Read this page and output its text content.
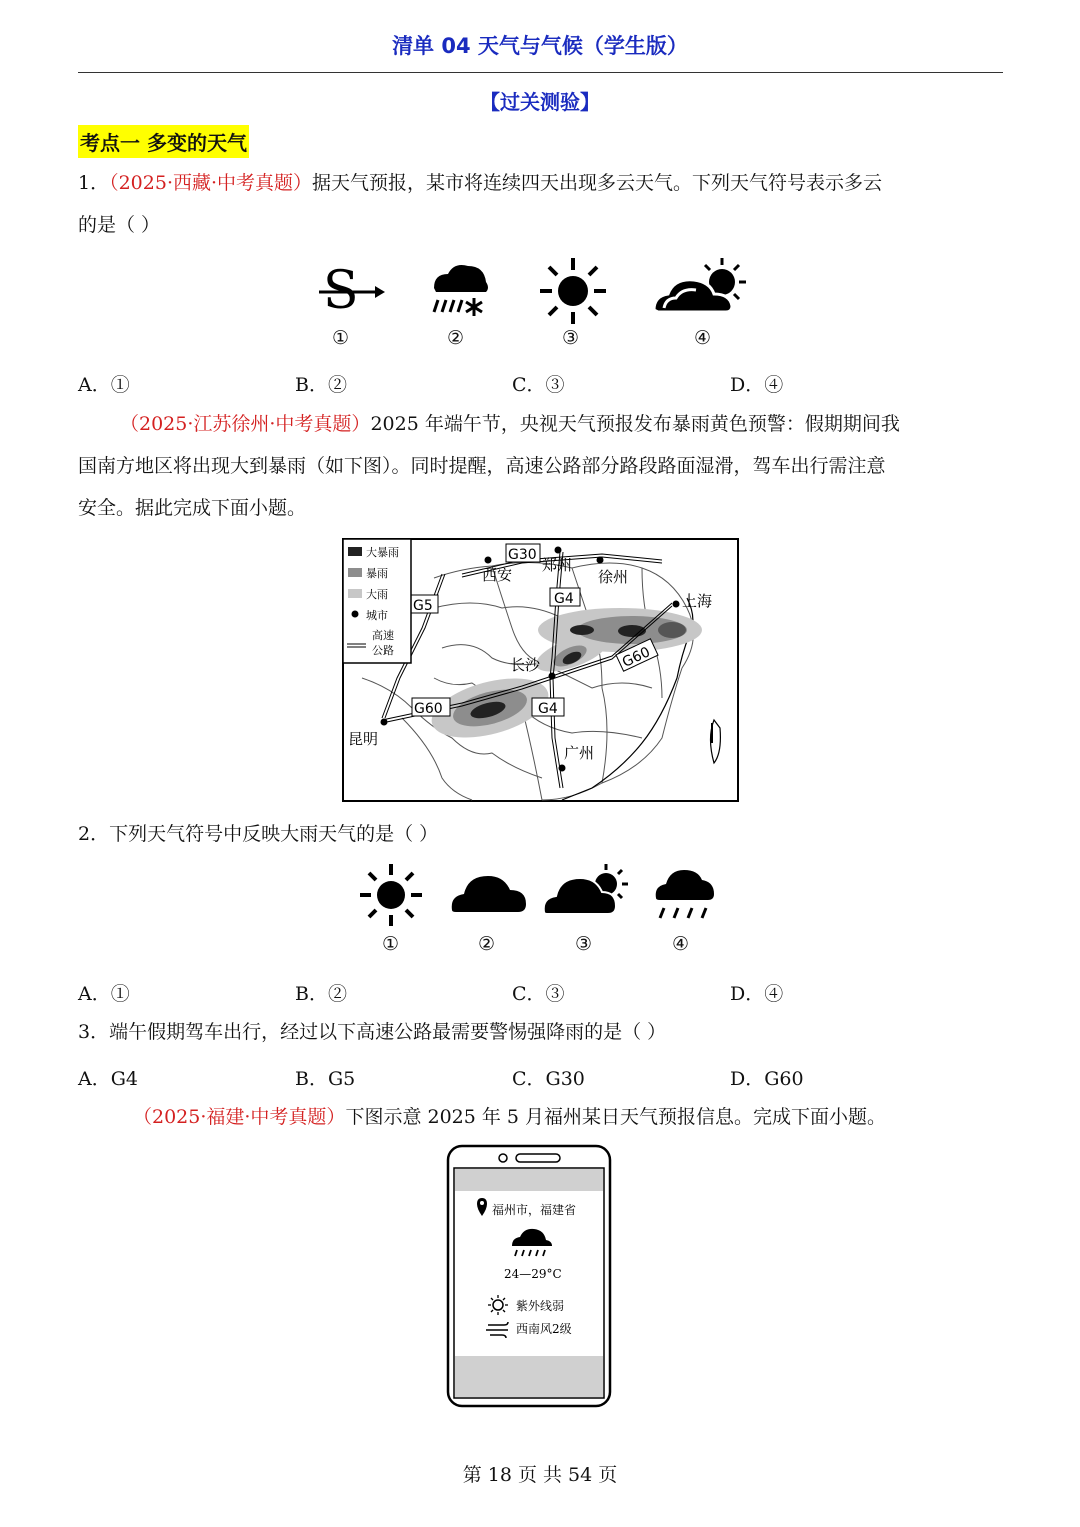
清单 04 天气与气候（学生版）
【过关测验】
考点一 多变的天气
1．（2025·西藏·中考真题）据天气预报，某市将连续四天出现多云天气。下列天气符号表示多云
的是（ ）
S
①	②	③	④
A．①	B．②	C．③	D．④
（2025·江苏徐州·中考真题）2025 年端午节，央视天气预报发布暴雨黄色预警：假期期间我
国南方地区将出现大到暴雨（如下图）。同时提醒，高速公路部分路段路面湿滑，驾车出行需注意
安全。据此完成下面小题。
西安
郑州
徐州
上海
长沙
昆明
广州
G30
G5	G4
G60
G60
G4
大暴雨
暴雨
大雨
城市
高速
公路
2．下列天气符号中反映大雨天气的是（ ）
①	②	③	④
A．①	B．②	C．③	D．④
3．端午假期驾车出行，经过以下高速公路最需要警惕强降雨的是（ ）
A．G4	B．G5	C．G30	D．G60
（2025·福建·中考真题）下图示意 2025 年 5 月福州某日天气预报信息。完成下面小题。
福州市，福建省
24—29°C
紫外线弱
西南风2级
第 18 页 共 54 页
